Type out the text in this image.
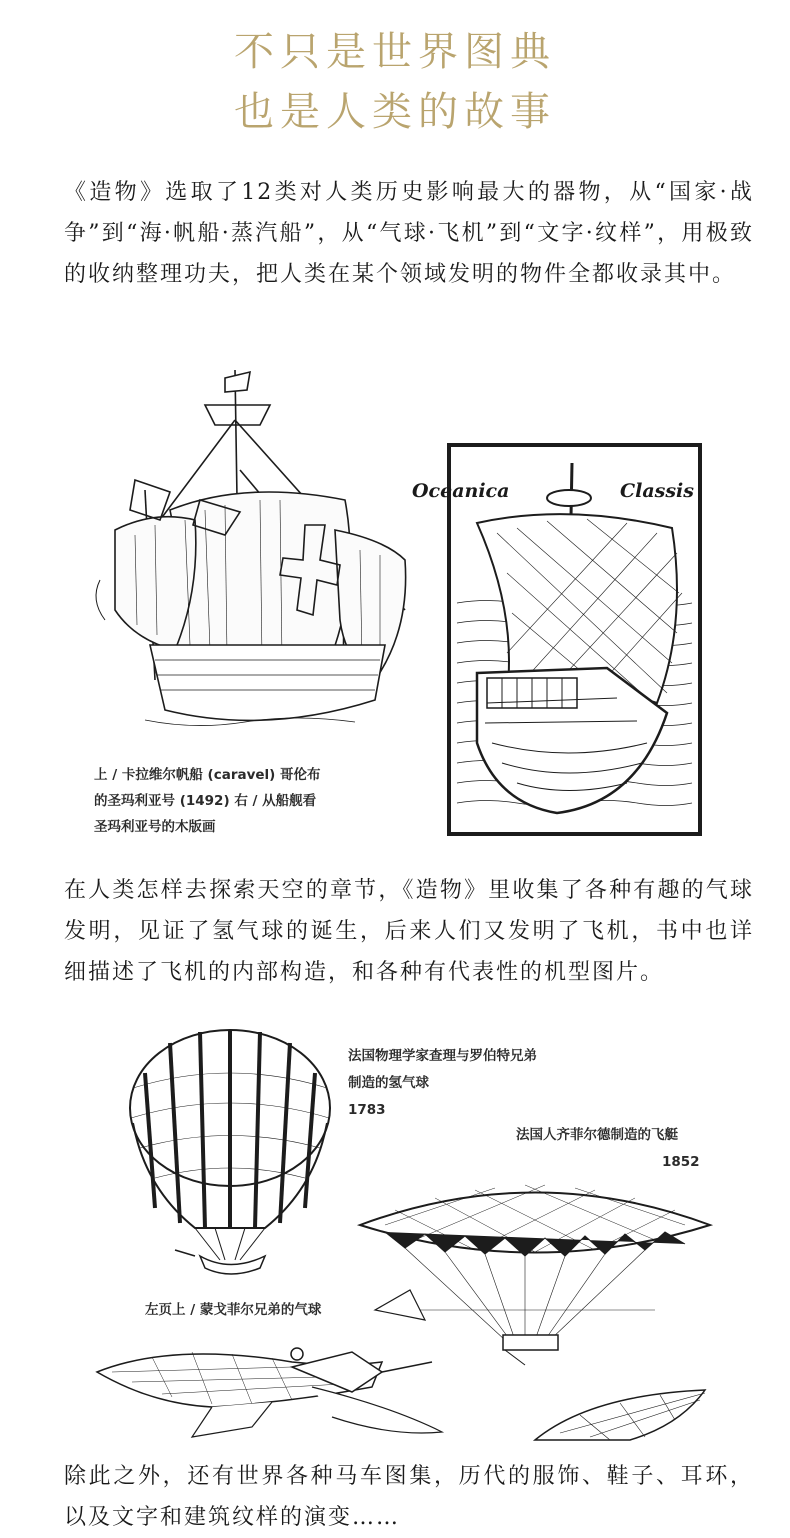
不只是世界图典
也是人类的故事

《造物》选取了12类对人类历史影响最大的器物，从“国家·战争”到“海·帆船·蒸汽船”，从“气球·飞机”到“文字·纹样”，用极致的收纳整理功夫，把人类在某个领域发明的物件全都收录其中。

Oceanica	Classis
上 / 卡拉维尔帆船 (caravel) 哥伦布
的圣玛利亚号 (1492) 右 / 从船舰看
圣玛利亚号的木版画

在人类怎样去探索天空的章节，《造物》里收集了各种有趣的气球发明，见证了氢气球的诞生，后来人们又发明了飞机，书中也详细描述了飞机的内部构造，和各种有代表性的机型图片。

法国物理学家查理与罗伯特兄弟
制造的氢气球
1783
法国人齐菲尔德制造的飞艇
1852
左页上 / 蒙戈菲尔兄弟的气球

除此之外，还有世界各种马车图集，历代的服饰、鞋子、耳环，以及文字和建筑纹样的演变……
